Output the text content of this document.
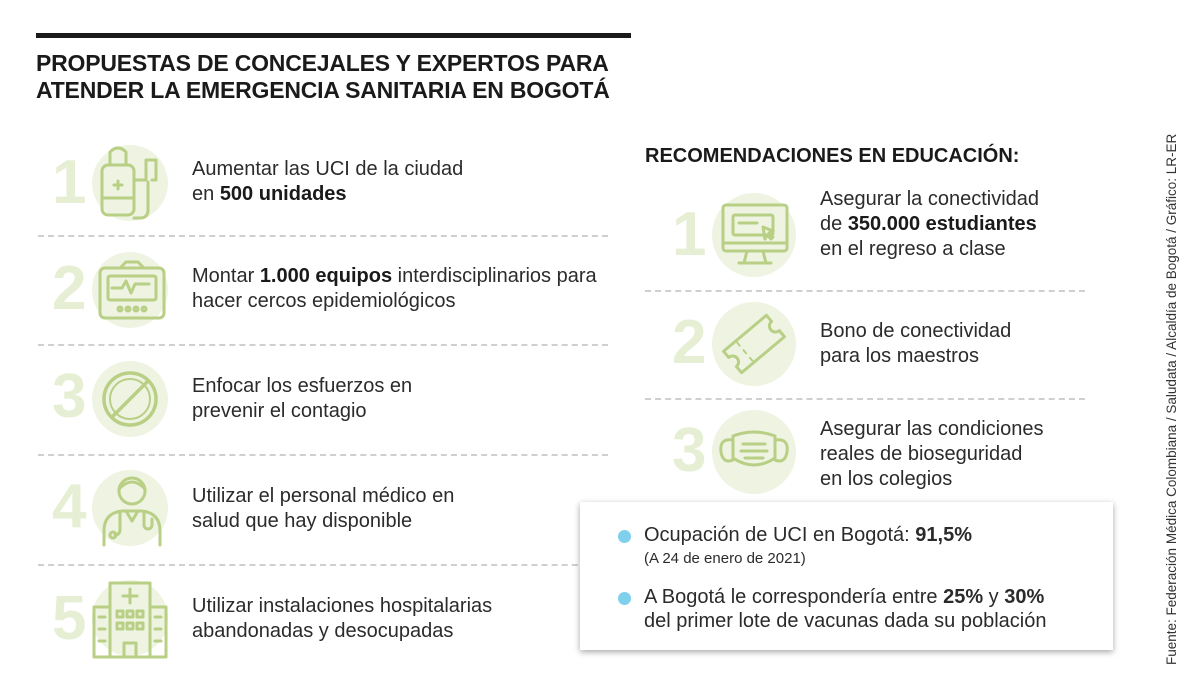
PROPUESTAS DE CONCEJALES Y EXPERTOS PARA
ATENDER LA EMERGENCIA SANITARIA EN BOGOTÁ
1	Aumentar las UCI de la ciudad en 500 unidades
2	Montar 1.000 equipos interdisciplinarios para hacer cercos epidemiológicos
3	Enfocar los esfuerzos en prevenir el contagio
4	Utilizar el personal médico en salud que hay disponible
5	Utilizar instalaciones hospitalarias abandonadas y desocupadas
RECOMENDACIONES EN EDUCACIÓN:
1
Asegurar la conectividad
de 350.000 estudiantes
en el regreso a clase
2	Bono de conectividad
para los maestros
3	Asegurar las condiciones
reales de bioseguridad
en los colegios
Ocupación de UCI en Bogotá: 91,5%
(A 24 de enero de 2021)
A Bogotá le correspondería entre 25% y 30%
del primer lote de vacunas dada su población	Fuente: Federación Médica Colombiana / Saludata / Alcaldía de Bogotá / Gráfico: LR-ER
